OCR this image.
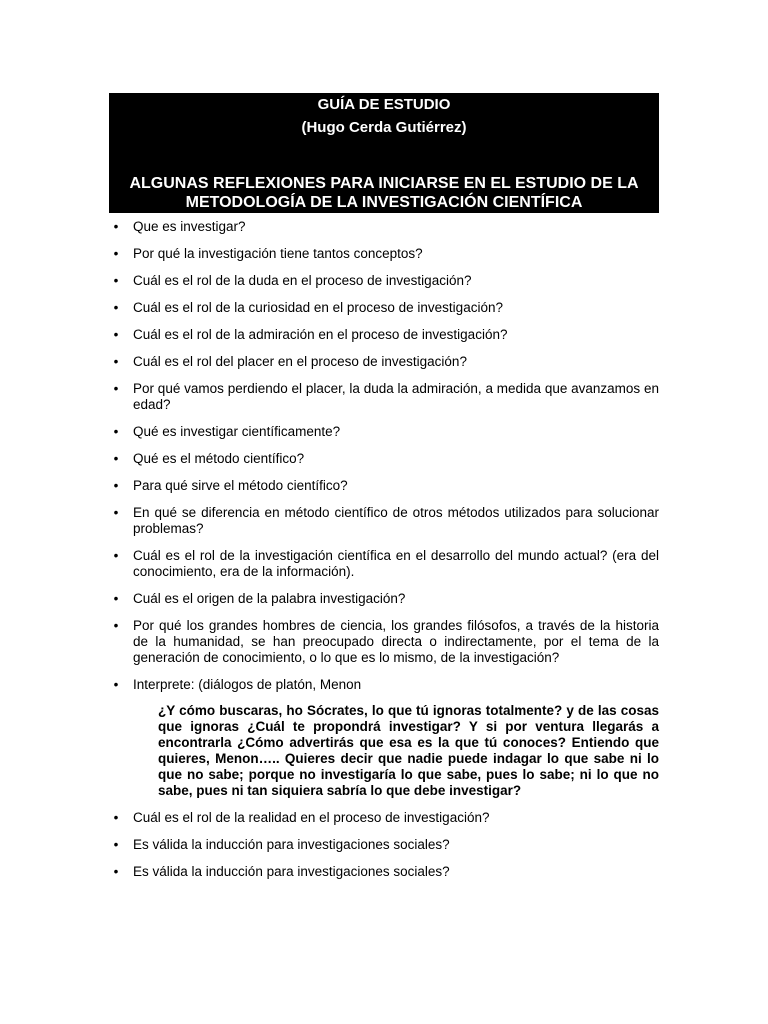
GUÍA DE ESTUDIO
(Hugo Cerda Gutiérrez)
ALGUNAS REFLEXIONES PARA INICIARSE EN EL ESTUDIO DE LA METODOLOGÍA DE LA INVESTIGACIÓN CIENTÍFICA
•	Que es investigar?
•	Por qué la investigación tiene tantos conceptos?
•	Cuál es el rol de la duda en el proceso de investigación?
•	Cuál es el rol de la curiosidad en el proceso de investigación?
•	Cuál es el rol de la admiración en el proceso de investigación?
•	Cuál es el rol del placer en el proceso de investigación?
•	Por qué vamos perdiendo el placer, la duda la admiración, a medida que avanzamos en edad?
•	Qué es investigar científicamente?
•	Qué es el método científico?
•	Para qué sirve el método científico?
•	En qué se diferencia en método científico de otros métodos utilizados para solucionar problemas?
•	Cuál es el rol de la investigación científica en el desarrollo del mundo actual? (era del conocimiento, era de la información).
•	Cuál es el origen de la palabra investigación?
•	Por qué los grandes hombres de ciencia, los grandes filósofos, a través de la historia de la humanidad, se han preocupado directa o indirectamente, por el tema de la generación de conocimiento, o lo que es lo mismo, de la investigación?
•	Interprete: (diálogos de platón, Menon
¿Y cómo buscaras, ho Sócrates, lo que tú ignoras totalmente? y de las cosas que ignoras ¿Cuál te propondrá investigar? Y si por ventura llegarás a encontrarla ¿Cómo advertirás que esa es la que tú conoces? Entiendo que quieres, Menon….. Quieres decir que nadie puede indagar lo que sabe ni lo que no sabe; porque no investigaría lo que sabe, pues lo sabe; ni lo que no sabe, pues ni tan siquiera sabría lo que debe investigar?
•	Cuál es el rol de la realidad en el proceso de investigación?
•	Es válida la inducción para investigaciones sociales?
•	Es válida la inducción para investigaciones sociales?
